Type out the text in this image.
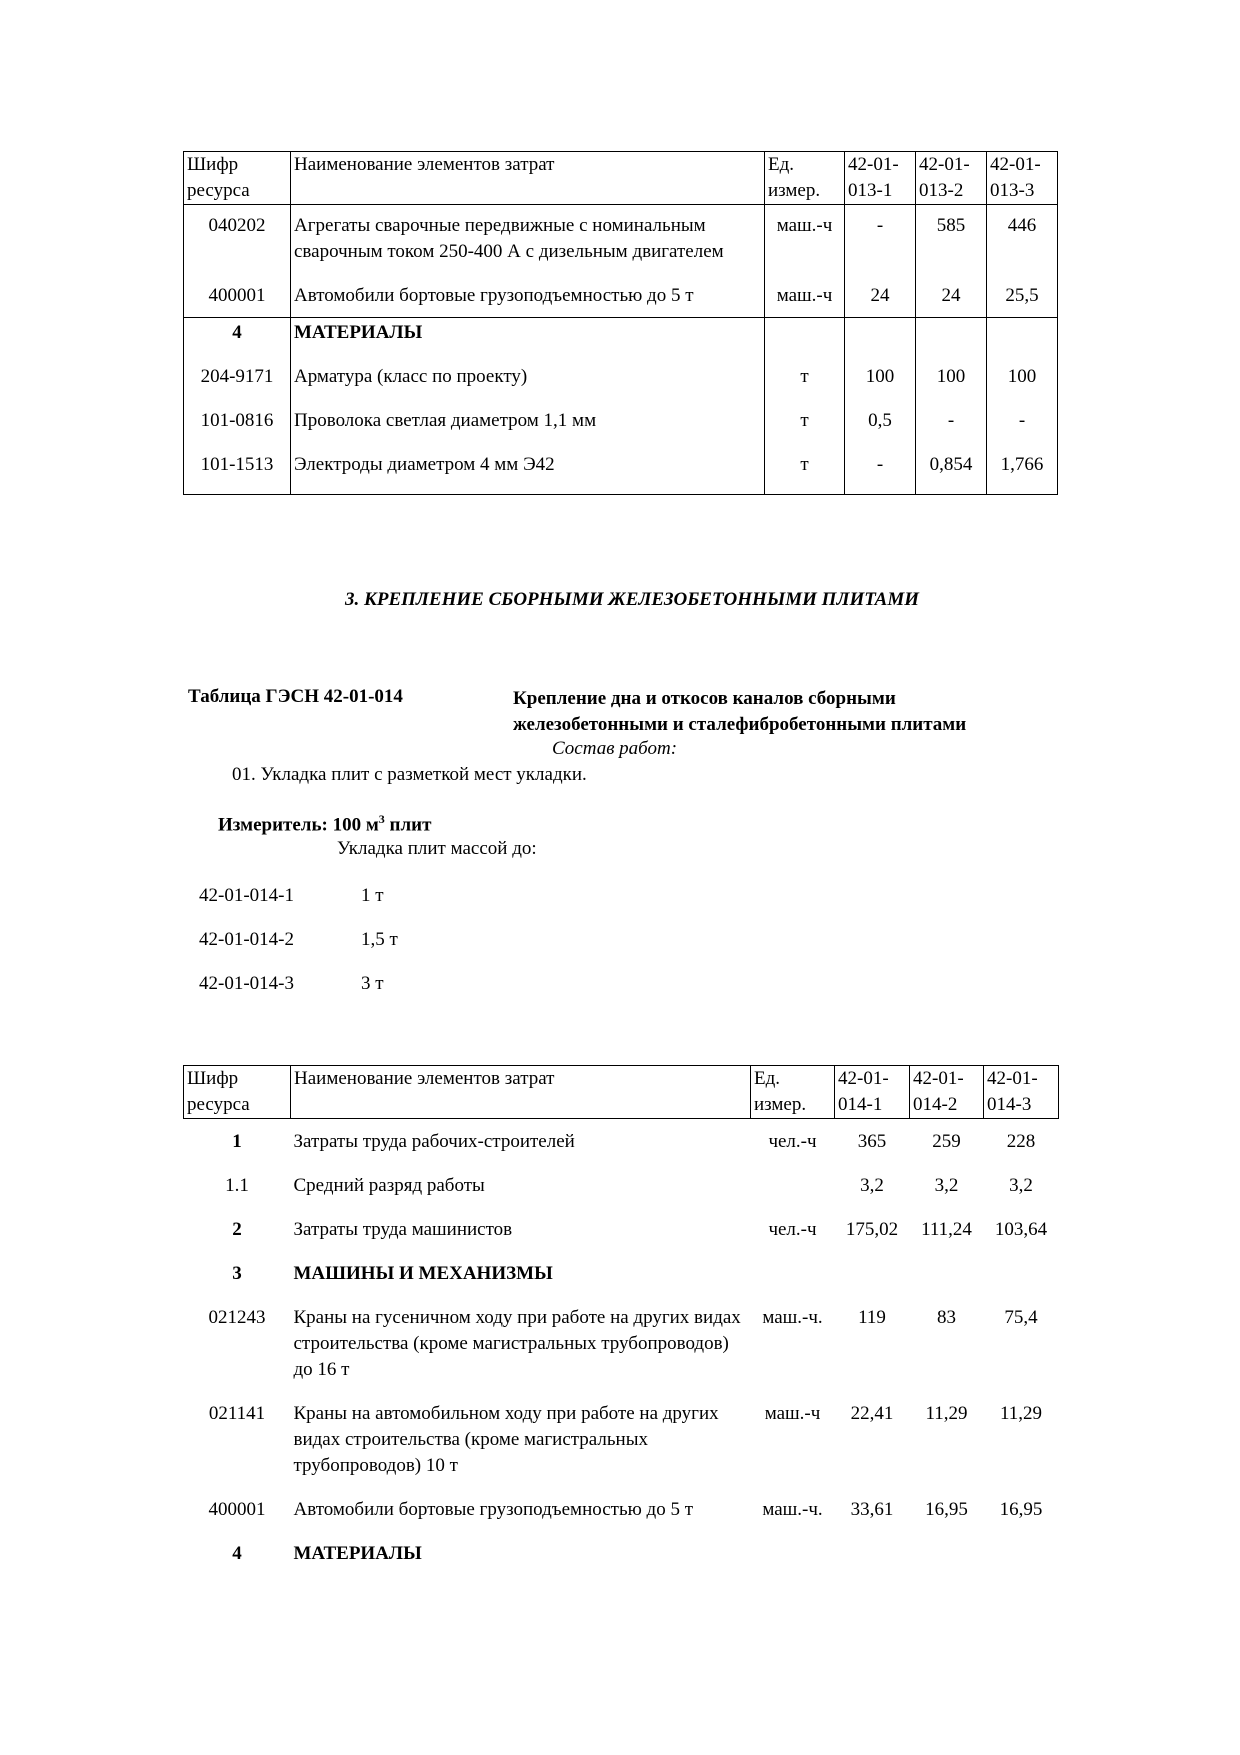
Шифр ресурса	Наименование элементов затрат	Ед. измер.	42-01-013-1	42-01-013-2	42-01-013-3

040202	Агрегаты сварочные передвижные с номинальным сварочным током 250-400 А с дизельным двигателем	маш.-ч	-	585	446

400001	Автомобили бортовые грузоподъемностью до 5 т	маш.-ч	24	24	25,5
4	МАТЕРИАЛЫ				

204-9171	Арматура (класс по проекту)	т	100	100	100

101-0816	Проволока светлая диаметром 1,1 мм	т	0,5	-	-

101-1513	Электроды диаметром 4 мм Э42	т	-	0,854	1,766
3. КРЕПЛЕНИЕ СБОРНЫМИ ЖЕЛЕЗОБЕТОННЫМИ ПЛИТАМИ
Таблица ГЭСН 42-01-014	Крепление дна и откосов каналов сборными
железобетонными и сталефибробетонными плитами
Состав работ:
01. Укладка плит с разметкой мест укладки.
Измеритель: 100 $м^3$ плит
Укладка плит массой до:
42-01-014-1	1 т
42-01-014-2	1,5 т
42-01-014-3	3 т
Шифр ресурса	Наименование элементов затрат	Ед. измер.	42-01-014-1	42-01-014-2	42-01-014-3

1	Затраты труда рабочих-строителей	чел.-ч	365	259	228

1.1	Средний разряд работы		3,2	3,2	3,2

2	Затраты труда машинистов	чел.-ч	175,02	111,24	103,64

3	МАШИНЫ И МЕХАНИЗМЫ				

021243	Краны на гусеничном ходу при работе на других видах строительства (кроме магистральных трубопроводов) до 16 т	маш.-ч.	119	83	75,4

021141	Краны на автомобильном ходу при работе на других видах строительства (кроме магистральных трубопроводов) 10 т	маш.-ч	22,41	11,29	11,29

400001	Автомобили бортовые грузоподъемностью до 5 т	маш.-ч.	33,61	16,95	16,95

4	МАТЕРИАЛЫ				
